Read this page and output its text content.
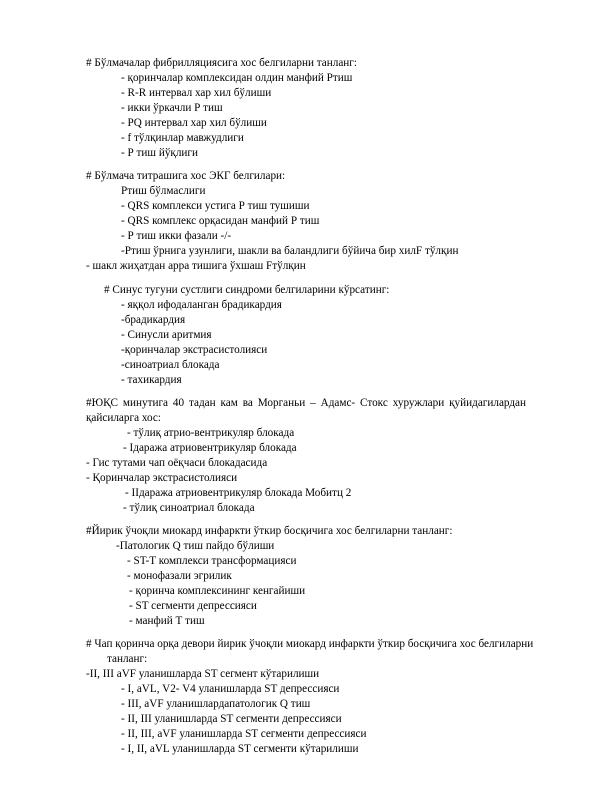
# Бўлмачалар фибрилляциясига хос белгиларни танланг:
- қоринчалар комплексидан олдин манфий Ртиш
- R-R интервал хар хил бўлиши
- икки ўркачли Р тиш
- PQ интервал хар хил бўлиши
- f тўлқинлар мавжудлиги
- Р тиш йўқлиги
# Бўлмача титрашига хос ЭКГ белгилари:
Ртиш бўлмаслиги
- QRS комплекси устига Р тиш тушиши
- QRS комплекс орқасидан манфий Р тиш
- Р тиш икки фазали -/-
-Ртиш ўрнига узунлиги, шакли ва баландлиги бўйича бир хилF тўлқин
- шакл жиҳатдан арра тишига ўхшаш Fтўлқин
# Синус тугуни сустлиги синдроми белгиларини кўрсатинг:
- яққол ифодаланган брадикардия
-брадикардия
- Синусли аритмия
-қоринчалар экстрасистолияси
-синоатриал блокада
- тахикардия
#ЮҚС минутига 40 тадан кам ва Морганьи – Адамс- Стокс хуружлари қуйидагилардан
қайсиларга хос:
- тўлиқ атрио-вентрикуляр блокада
- Iдаража атриовентрикуляр блокада
- Гис тутами чап оёқчаси блокадасида
- Қоринчалар экстрасистолияси
- IIдаража атриовентрикуляр блокада Мобитц 2
- тўлиқ синоатриал блокада
#Йирик ўчоқли миокард инфаркти ўткир босқичига хос белгиларни танланг:
-Патологик Q тиш пайдо бўлиши
- ST-T комплекси трансформацияси
- монофазали эгрилик
- қоринча комплексининг кенгайиши
- ST сегменти депрессияси
- манфий Т тиш
# Чап қоринча орқа девори йирик ўчоқли миокард инфаркти ўткир босқичига хос белгиларни
танланг:
-II, III aVF уланишларда ST сегмент кўтарилиши
- I, aVL, V2- V4 уланишларда ST депрессияси
- III, aVF уланишлардапатологик Q тиш
- II, III уланишларда ST сегменти депрессияси
- II, III, aVF уланишларда ST сегменти депрессияси
- I, II, aVL уланишларда ST сегменти кўтарилиши
